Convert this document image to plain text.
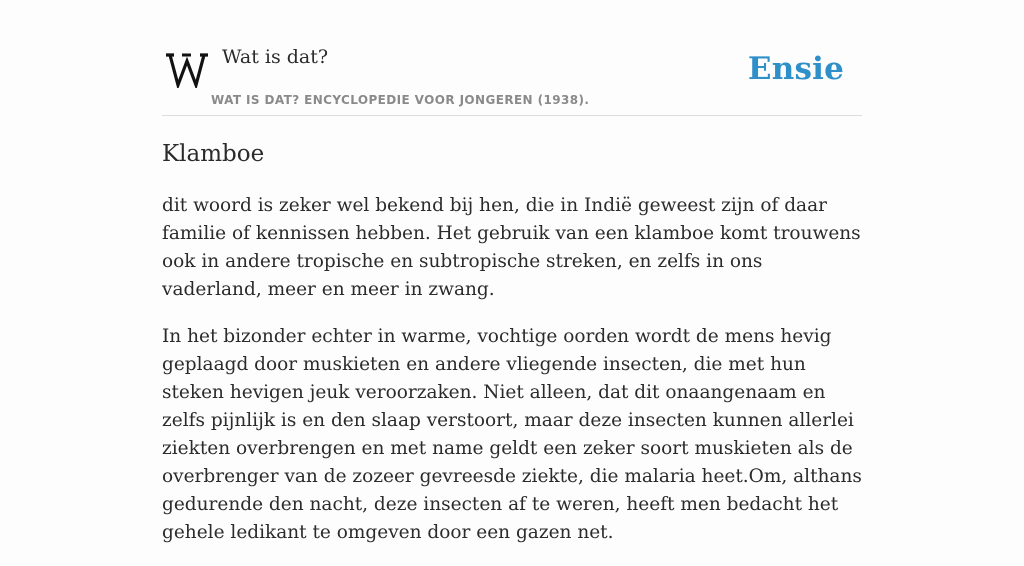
Wat is dat?
WAT IS DAT? ENCYCLOPEDIE VOOR JONGEREN (1938).
Ensie
Klamboe

dit woord is zeker wel bekend bij hen, die in Indië geweest zijn of daar familie of kennissen hebben. Het gebruik van een klamboe komt trouwens ook in andere tropische en subtropische streken, en zelfs in ons vaderland, meer en meer in zwang.

In het bizonder echter in warme, vochtige oorden wordt de mens hevig geplaagd door muskieten en andere vliegende insecten, die met hun steken hevigen jeuk veroorzaken. Niet alleen, dat dit onaangenaam en zelfs pijnlijk is en den slaap verstoort, maar deze insecten kunnen allerlei ziekten overbrengen en met name geldt een zeker soort muskieten als de overbrenger van de zozeer gevreesde ziekte, die malaria heet.Om, althans gedurende den nacht, deze insecten af te weren, heeft men bedacht het gehele ledikant te omgeven door een gazen net.
